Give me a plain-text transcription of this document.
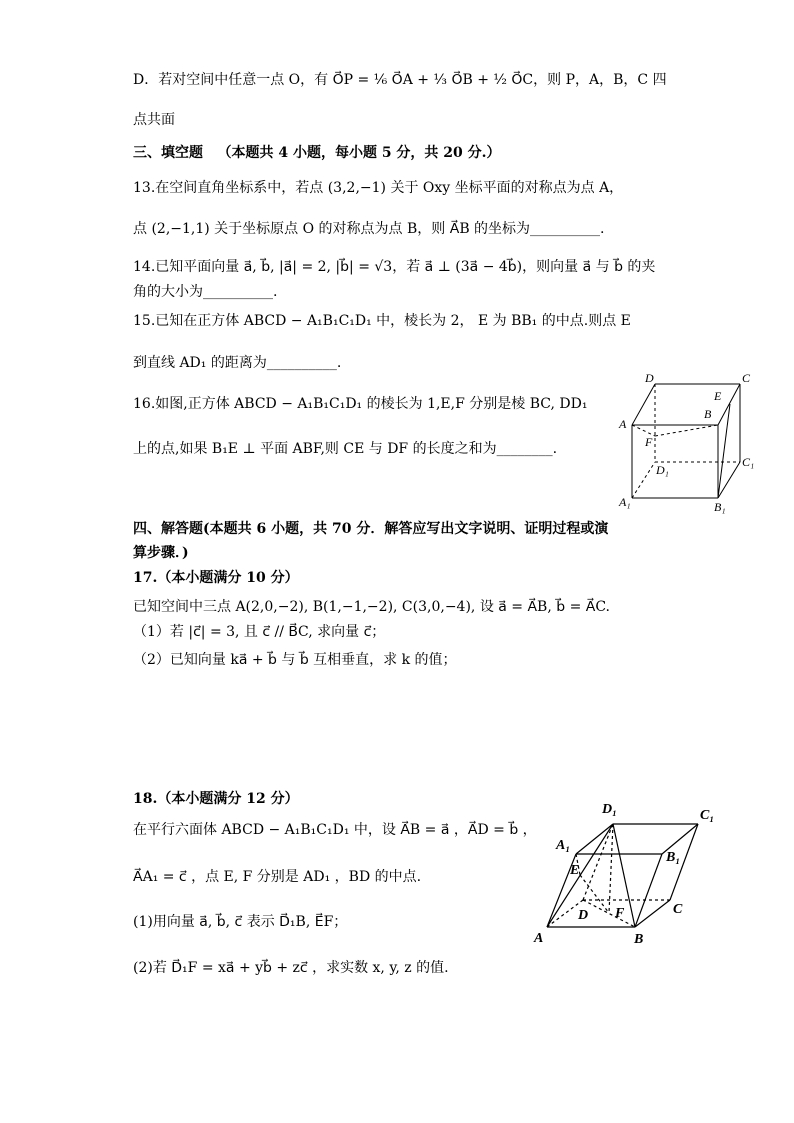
D．若对空间中任意一点 O，有 O⃗P = ¹⁄₆ O⃗A + ¹⁄₃ O⃗B + ¹⁄₂ O⃗C，则 P，A，B，C 四
点共面
三、填空题 （本题共 4 小题，每小题 5 分，共 20 分.）
13.在空间直角坐标系中，若点 (3,2,−1) 关于 Oxy 坐标平面的对称点为点 A，
点 (2,−1,1) 关于坐标原点 O 的对称点为点 B，则 A⃗B 的坐标为__________.
14.已知平面向量 a⃗, b⃗, |a⃗| = 2, |b⃗| = √3，若 a⃗ ⊥ (3a⃗ − 4b⃗)，则向量 a⃗ 与 b⃗ 的夹
角的大小为__________.
15.已知在正方体 ABCD − A₁B₁C₁D₁ 中，棱长为 2， E 为 BB₁ 的中点.则点 E
到直线 AD₁ 的距离为__________.
16.如图,正方体 ABCD − A₁B₁C₁D₁ 的棱长为 1,E,F 分别是棱 BC, DD₁
上的点,如果 B₁E ⊥ 平面 ABF,则 CE 与 DF 的长度之和为________.
D	C
E
B
A
F
D₁
C₁
A₁	B₁
四、解答题(本题共 6 小题，共 70 分．解答应写出文字说明、证明过程或演
算步骤．)
17.（本小题满分 10 分）
已知空间中三点 A(2,0,−2), B(1,−1,−2), C(3,0,−4), 设 a⃗ = A⃗B, b⃗ = A⃗C.
（1）若 |c⃗| = 3, 且 c⃗ // B⃗C, 求向量 c⃗；
（2）已知向量 ka⃗ + b⃗ 与 b⃗ 互相垂直，求 k 的值；
18.（本小题满分 12 分）
在平行六面体 ABCD − A₁B₁C₁D₁ 中，设 A⃗B = a⃗ ，A⃗D = b⃗ ，
A⃗A₁ = c⃗ ，点 E, F 分别是 AD₁ ，BD 的中点.
(1)用向量 a⃗, b⃗, c⃗ 表示 D⃗₁B, E⃗F；
(2)若 D⃗₁F = xa⃗ + yb⃗ + zc⃗ ，求实数 x, y, z 的值.
D₁	C₁
A₁
B₁
E
D F	C
A	B
